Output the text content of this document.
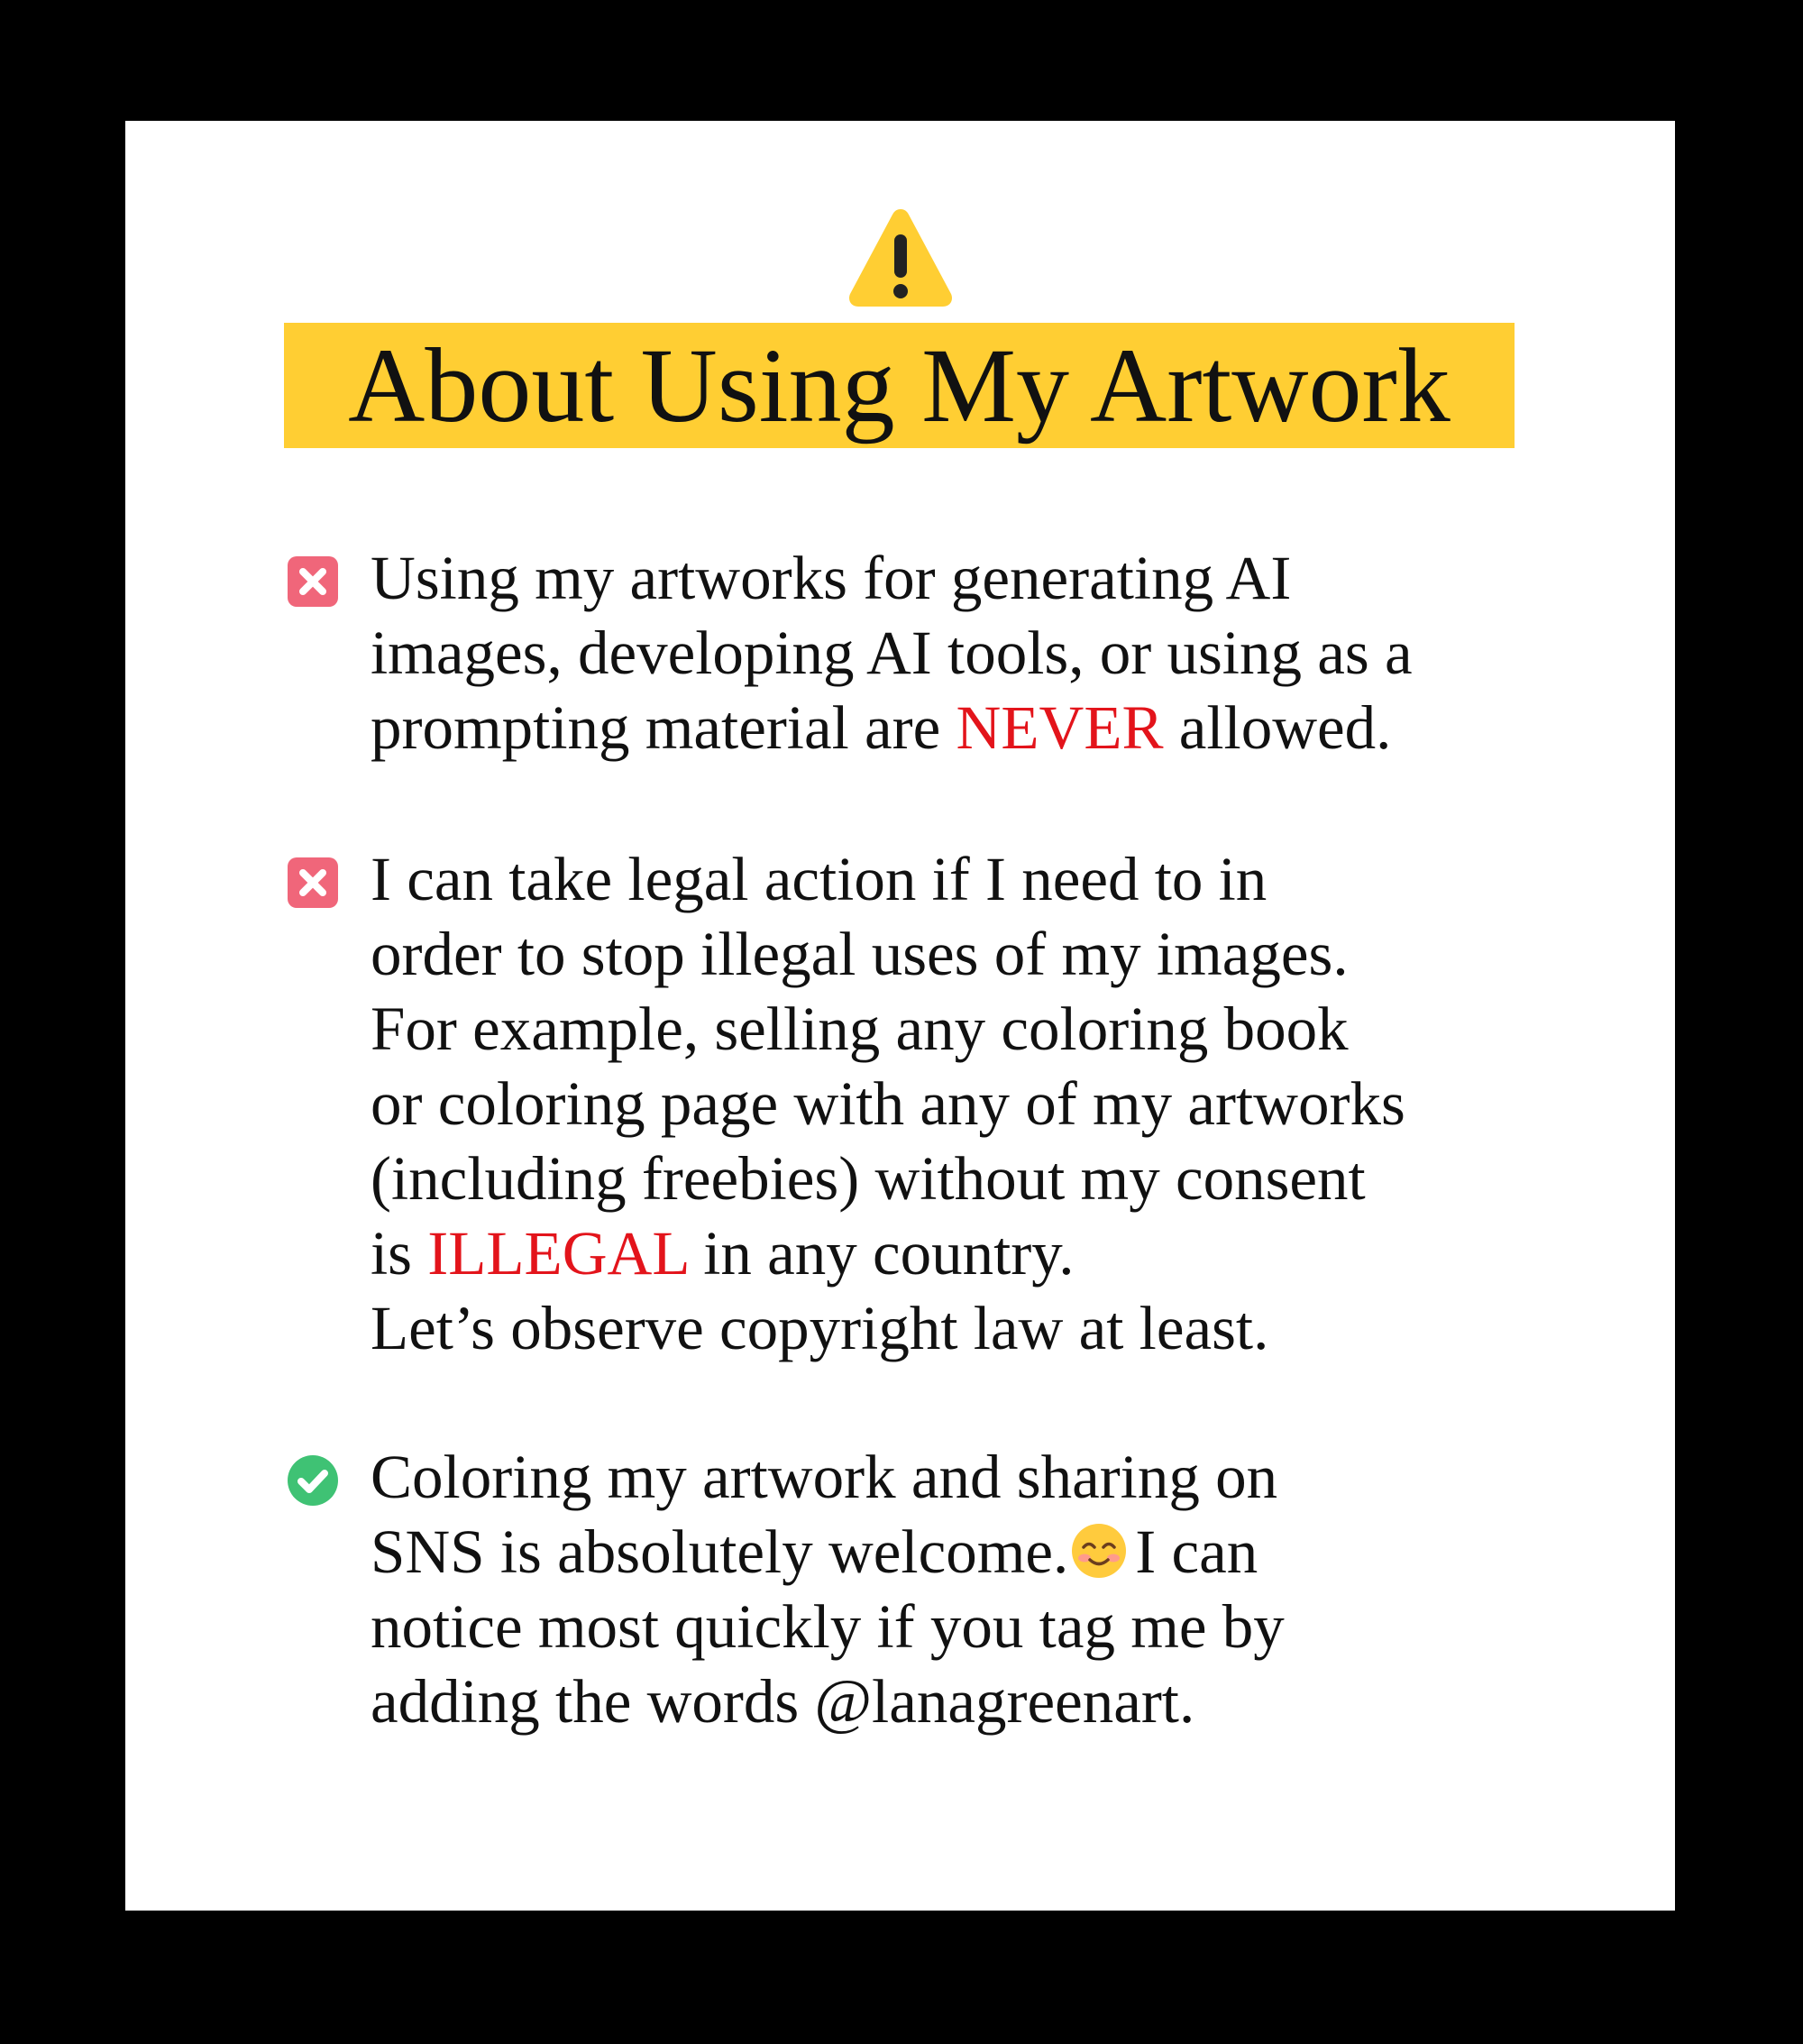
About Using My Artwork
Using my artworks for generating AI
images, developing AI tools, or using as a
prompting material are NEVER allowed.
I can take legal action if I need to in
order to stop illegal uses of my images.
For example, selling any coloring book
or coloring page with any of my artworks
(including freebies) without my consent
is ILLEGAL in any country.
Let’s observe copyright law at least.
Coloring my artwork and sharing on
SNS is absolutely welcome. I can
notice most quickly if you tag me by
adding the words @lanagreenart.
